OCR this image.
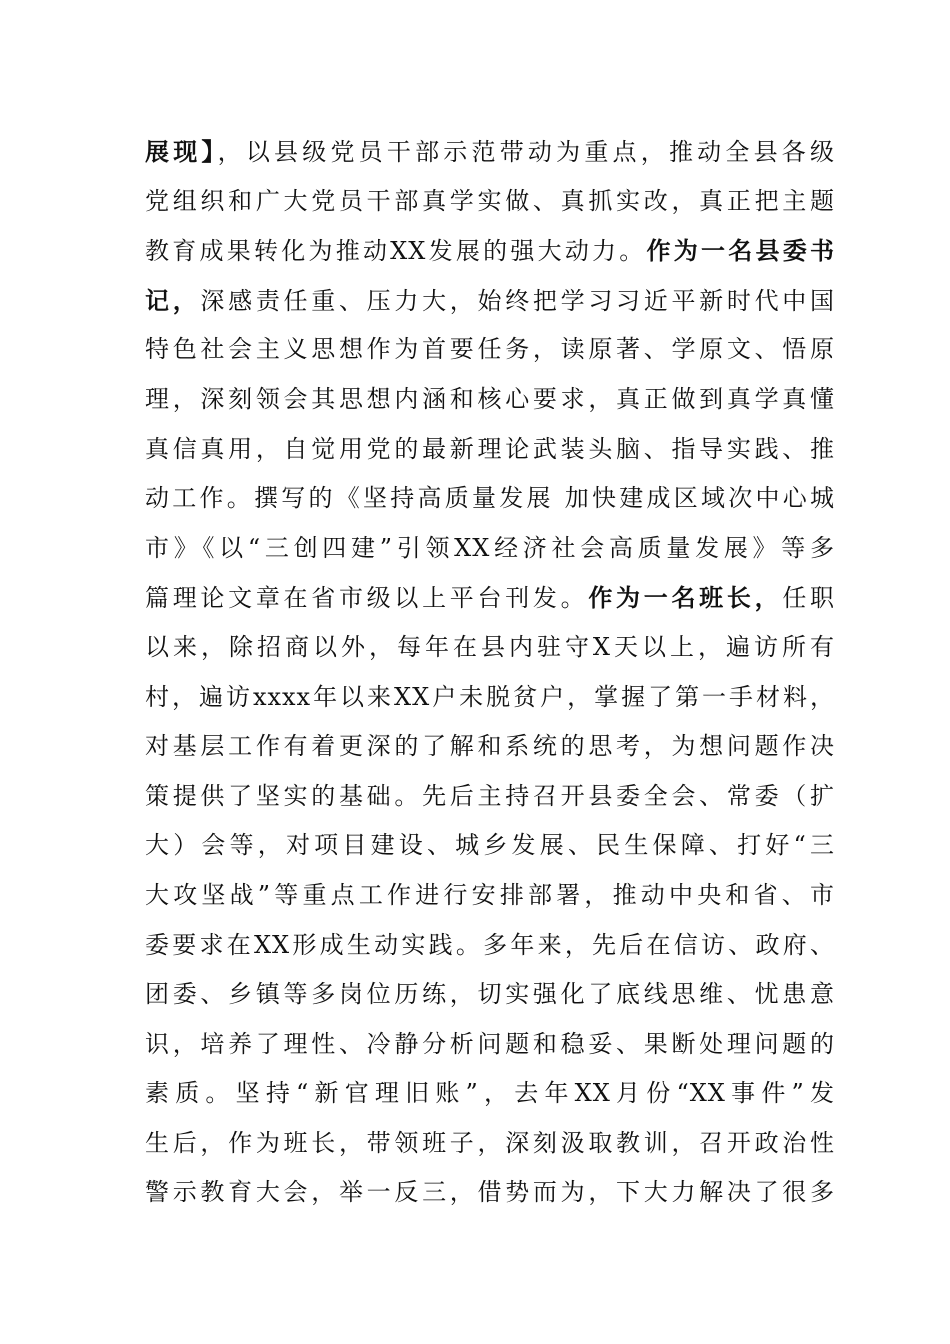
展现】，以县级党员干部示范带动为重点，推动全县各级
党组织和广大党员干部真学实做、真抓实改，真正把主题
教育成果转化为推动XX发展的强大动力。作为一名县委书
记，深感责任重、压力大，始终把学习习近平新时代中国
特色社会主义思想作为首要任务，读原著、学原文、悟原
理，深刻领会其思想内涵和核心要求，真正做到真学真懂
真信真用，自觉用党的最新理论武装头脑、指导实践、推
动工作。撰写的《坚持高质量发展 加快建成区域次中心城
市》《以“三创四建”引领XX经济社会高质量发展》等多
篇理论文章在省市级以上平台刊发。作为一名班长，任职
以来，除招商以外，每年在县内驻守X天以上，遍访所有
村，遍访xxxx年以来XX户未脱贫户，掌握了第一手材料，
对基层工作有着更深的了解和系统的思考，为想问题作决
策提供了坚实的基础。先后主持召开县委全会、常委（扩
大）会等，对项目建设、城乡发展、民生保障、打好“三
大攻坚战”等重点工作进行安排部署，推动中央和省、市
委要求在XX形成生动实践。多年来，先后在信访、政府、
团委、乡镇等多岗位历练，切实强化了底线思维、忧患意
识，培养了理性、冷静分析问题和稳妥、果断处理问题的
素质。坚持“新官理旧账”，去年XX月份“XX事件”发
生后，作为班长，带领班子，深刻汲取教训，召开政治性
警示教育大会，举一反三，借势而为，下大力解决了很多
